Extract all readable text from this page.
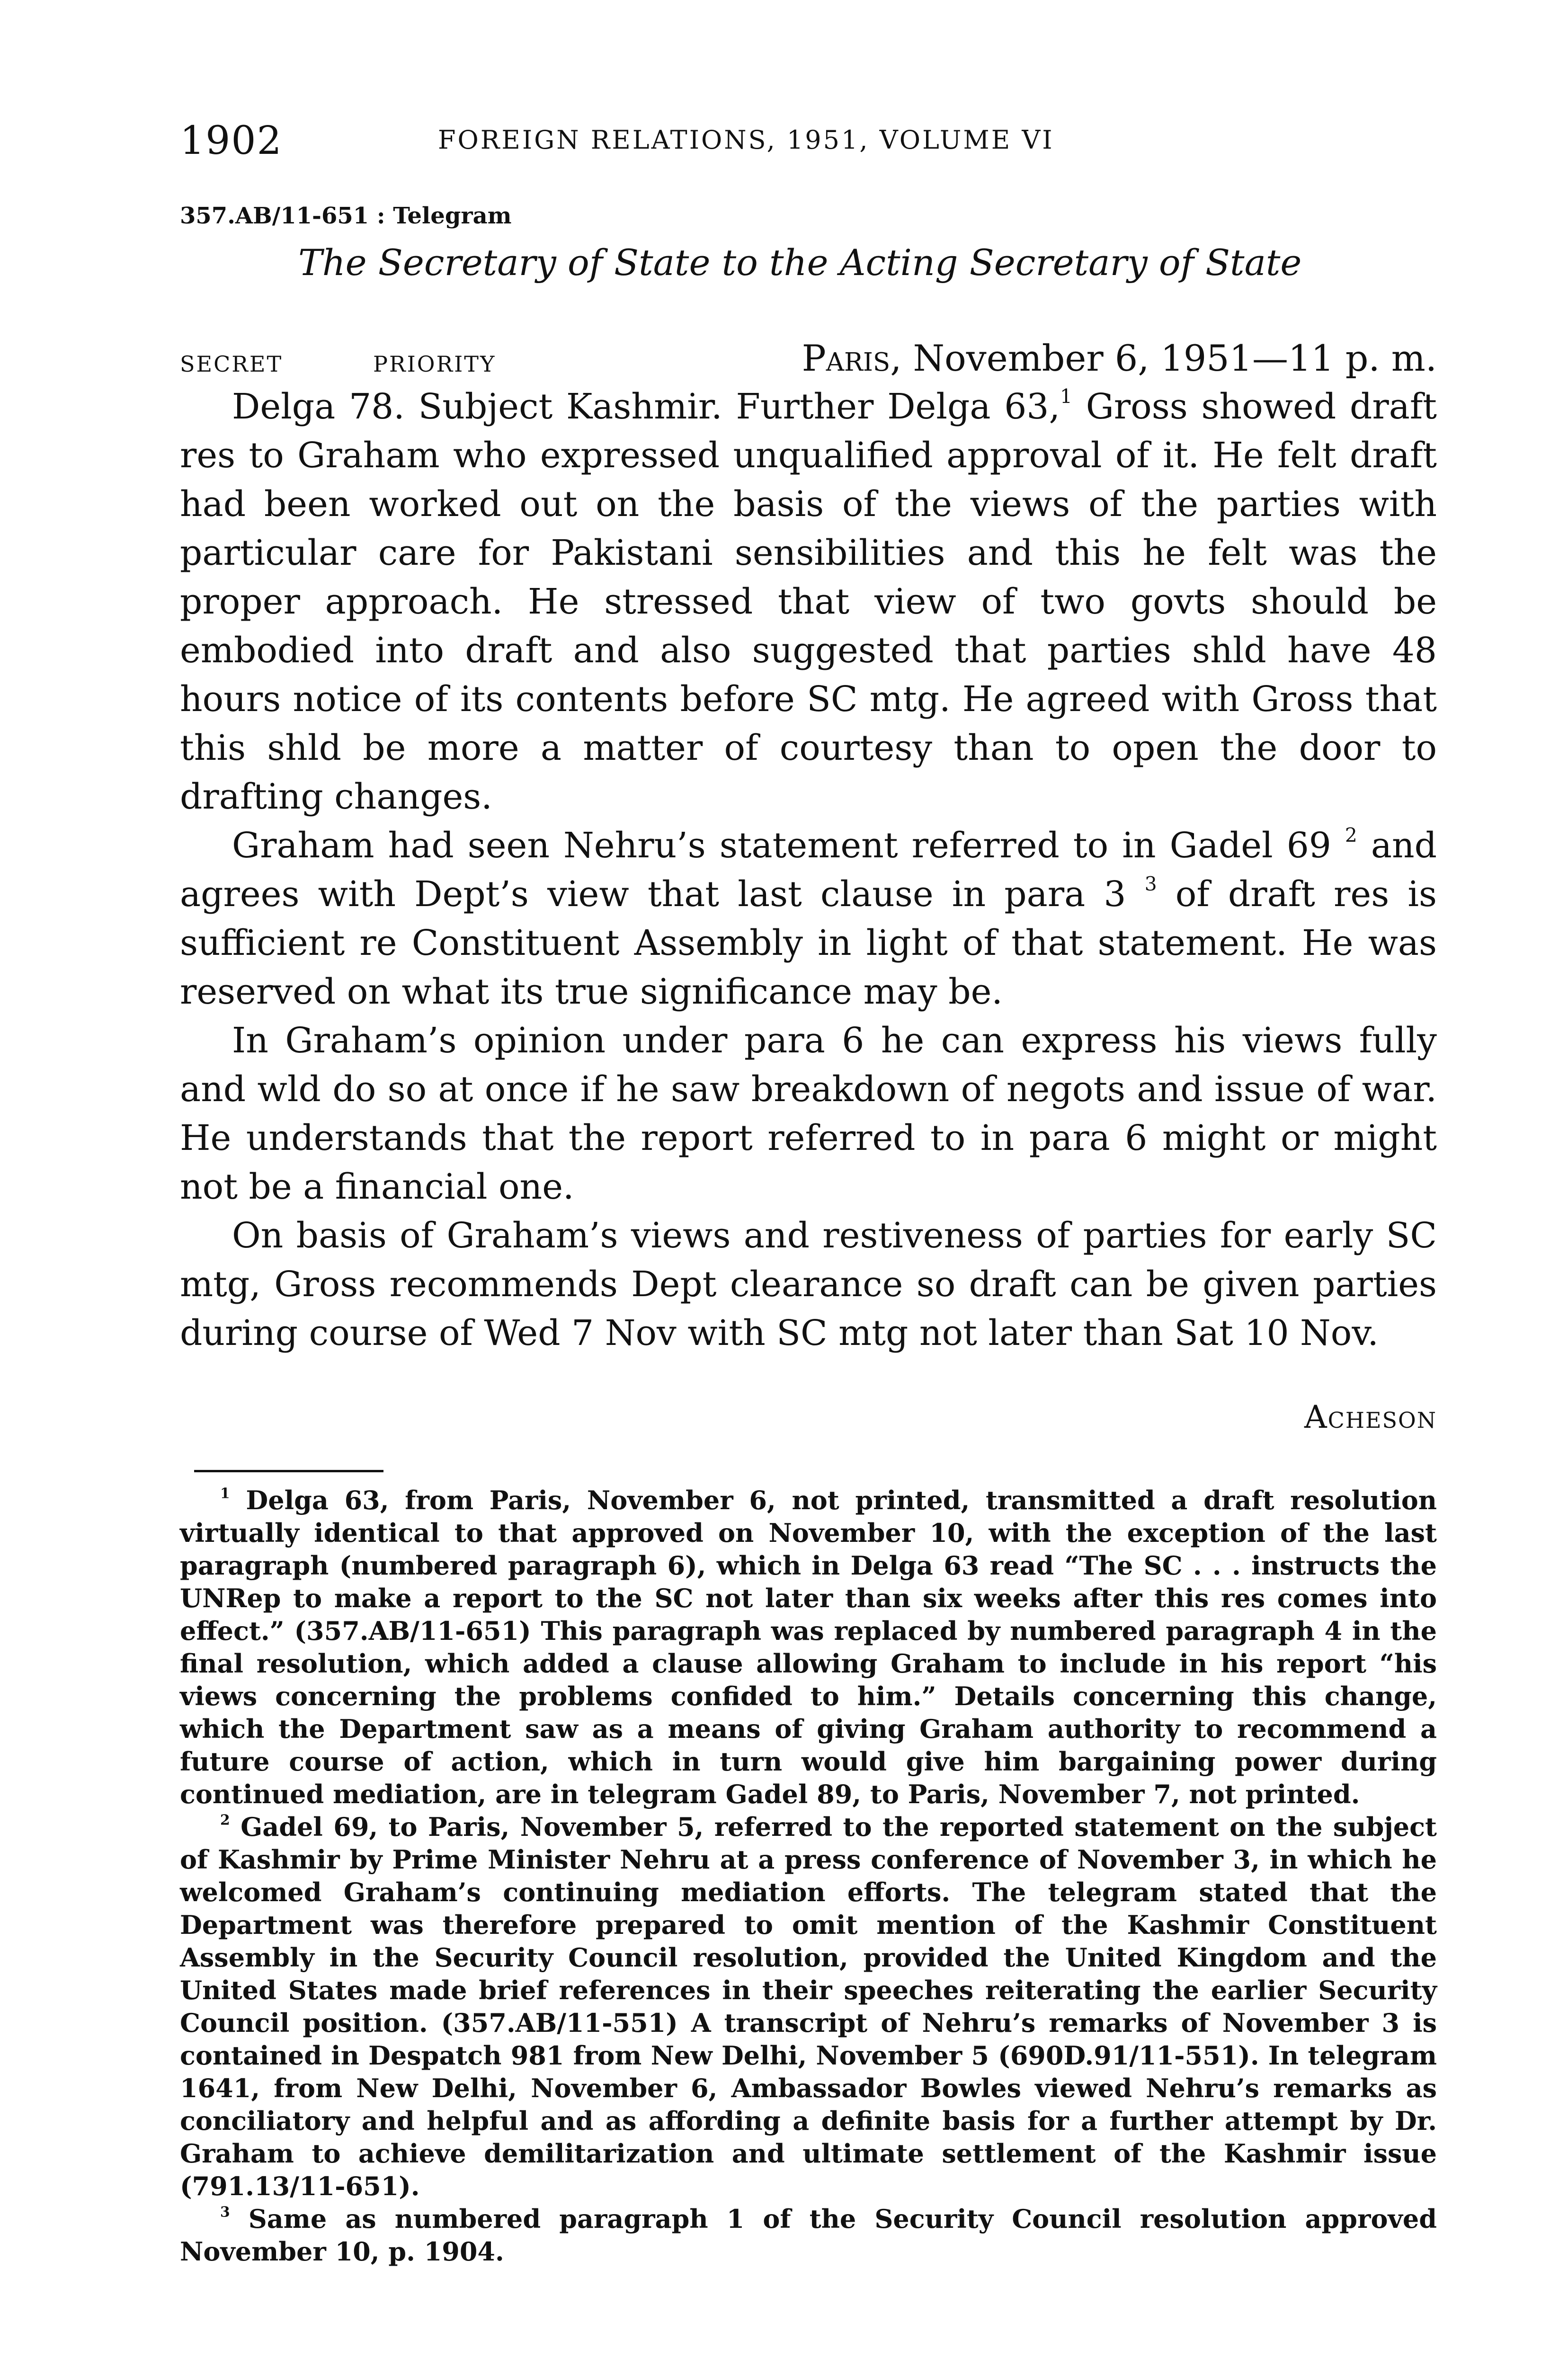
1902	FOREIGN RELATIONS, 1951, VOLUME VI
357.AB/11-651 : Telegram
The Secretary of State to the Acting Secretary of State
SECRET	PRIORITY	Paris, November 6, 1951—11 p. m.

Delga 78. Subject Kashmir. Further Delga 63,$^1$ Gross showed draft res to Graham who expressed unqualified approval of it. He felt draft had been worked out on the basis of the views of the parties with particular care for Pakistani sensibilities and this he felt was the proper approach. He stressed that view of two govts should be embodied into draft and also suggested that parties shld have 48 hours notice of its contents before SC mtg. He agreed with Gross that this shld be more a matter of courtesy than to open the door to drafting changes.

Graham had seen Nehru’s statement referred to in Gadel 69 $^2$ and agrees with Dept’s view that last clause in para 3 $^3$ of draft res is sufficient re Constituent Assembly in light of that statement. He was reserved on what its true significance may be.

In Graham’s opinion under para 6 he can express his views fully and wld do so at once if he saw breakdown of negots and issue of war. He understands that the report referred to in para 6 might or might not be a financial one.

On basis of Graham’s views and restiveness of parties for early SC mtg, Gross recommends Dept clearance so draft can be given parties during course of Wed 7 Nov with SC mtg not later than Sat 10 Nov.

Acheson

$^1$ Delga 63, from Paris, November 6, not printed, transmitted a draft resolution virtually identical to that approved on November 10, with the exception of the last paragraph (numbered paragraph 6), which in Delga 63 read “The SC . . . instructs the UNRep to make a report to the SC not later than six weeks after this res comes into effect.” (357.AB/11-651) This paragraph was replaced by numbered paragraph 4 in the final resolution, which added a clause allowing Graham to include in his report “his views concerning the problems confided to him.” Details concerning this change, which the Department saw as a means of giving Graham authority to recommend a future course of action, which in turn would give him bargaining power during continued mediation, are in telegram Gadel 89, to Paris, November 7, not printed.

$^2$ Gadel 69, to Paris, November 5, referred to the reported statement on the subject of Kashmir by Prime Minister Nehru at a press conference of November 3, in which he welcomed Graham’s continuing mediation efforts. The telegram stated that the Department was therefore prepared to omit mention of the Kashmir Constituent Assembly in the Security Council resolution, provided the United Kingdom and the United States made brief references in their speeches reiterating the earlier Security Council position. (357.AB/11-551) A transcript of Nehru’s remarks of November 3 is contained in Despatch 981 from New Delhi, November 5 (690D.91/11-551). In telegram 1641, from New Delhi, November 6, Ambassador Bowles viewed Nehru’s remarks as conciliatory and helpful and as affording a definite basis for a further attempt by Dr. Graham to achieve demilitarization and ultimate settlement of the Kashmir issue (791.13/11-651).

$^3$ Same as numbered paragraph 1 of the Security Council resolution approved November 10, p. 1904.
